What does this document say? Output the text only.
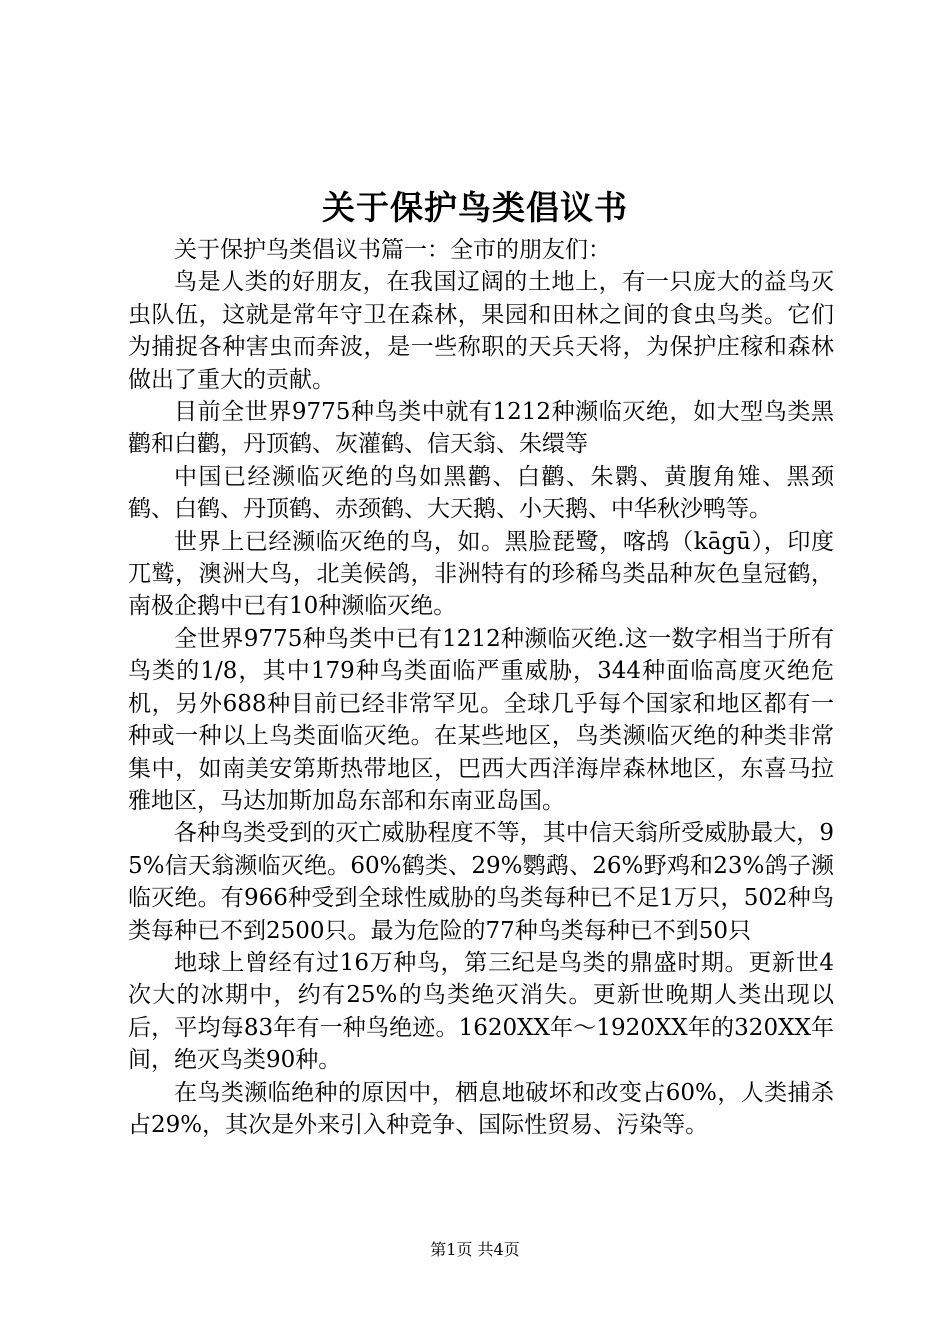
关于保护鸟类倡议书

关于保护鸟类倡议书篇一：全市的朋友们：

鸟是人类的好朋友，在我国辽阔的土地上，有一只庞大的益鸟灭虫队伍，这就是常年守卫在森林，果园和田林之间的食虫鸟类。它们为捕捉各种害虫而奔波，是一些称职的天兵天将，为保护庄稼和森林做出了重大的贡献。

目前全世界9775种鸟类中就有1212种濒临灭绝，如大型鸟类黑鹳和白鹳，丹顶鹤、灰灌鹤、信天翁、朱缳等

中国已经濒临灭绝的鸟如黑鹳、白鹳、朱鹮、黄腹角雉、黑颈鹤、白鹤、丹顶鹤、赤颈鹤、大天鹅、小天鹅、中华秋沙鸭等。

世界上已经濒临灭绝的鸟，如。黑脸琵鹭，喀鸪（kāgū），印度兀鹫，澳洲大鸟，北美候鸽，非洲特有的珍稀鸟类品种灰色皇冠鹤，南极企鹅中已有10种濒临灭绝。

全世界9775种鸟类中已有1212种濒临灭绝.这一数字相当于所有鸟类的1/8，其中179种鸟类面临严重威胁，344种面临高度灭绝危机，另外688种目前已经非常罕见。全球几乎每个国家和地区都有一种或一种以上鸟类面临灭绝。在某些地区，鸟类濒临灭绝的种类非常集中，如南美安第斯热带地区，巴西大西洋海岸森林地区，东喜马拉雅地区，马达加斯加岛东部和东南亚岛国。

各种鸟类受到的灭亡威胁程度不等，其中信天翁所受威胁最大，95%信天翁濒临灭绝。60%鹤类、29%鹦鹉、26%野鸡和23%鸽子濒临灭绝。有966种受到全球性威胁的鸟类每种已不足1万只，502种鸟类每种已不到2500只。最为危险的77种鸟类每种已不到50只

地球上曾经有过16万种鸟，第三纪是鸟类的鼎盛时期。更新世4次大的冰期中，约有25%的鸟类绝灭消失。更新世晚期人类出现以后，平均每83年有一种鸟绝迹。1620XX年～1920XX年的320XX年间，绝灭鸟类90种。

在鸟类濒临绝种的原因中，栖息地破坏和改变占60%，人类捕杀占29%，其次是外来引入种竞争、国际性贸易、污染等。

第1页 共4页
